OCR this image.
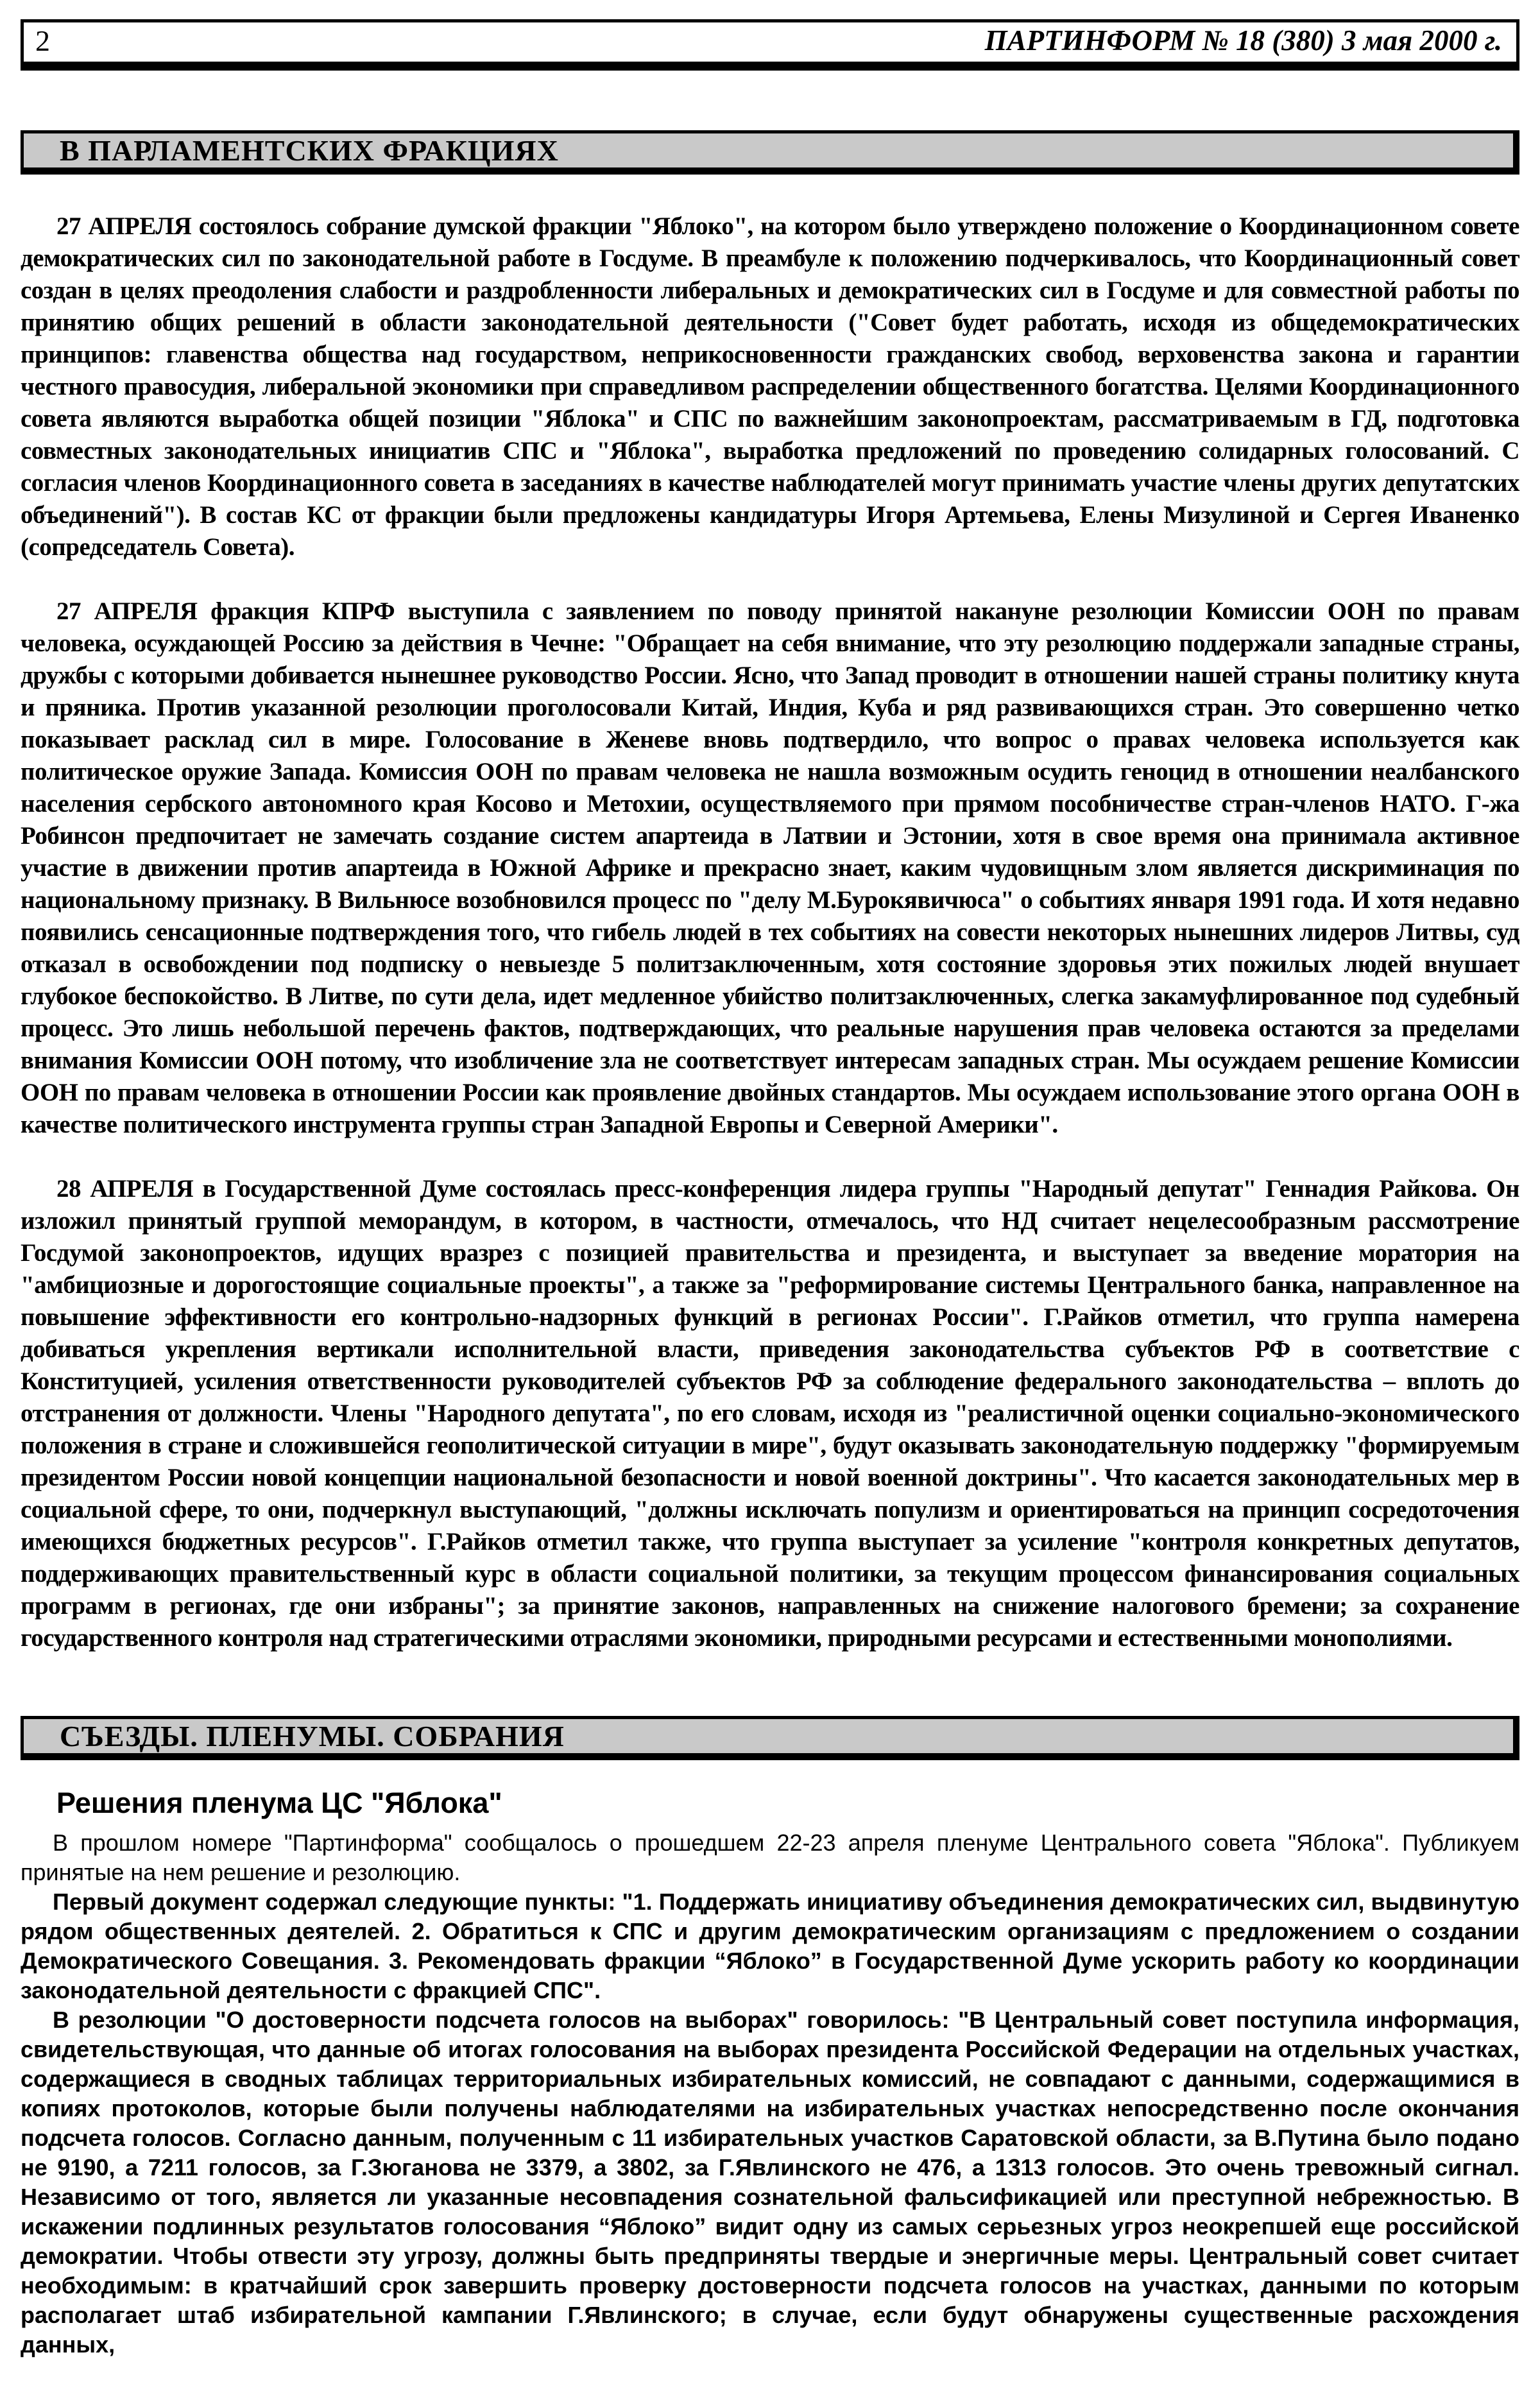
2	ПАРТИНФОРМ № 18 (380) 3 мая 2000 г.
В ПАРЛАМЕНТСКИХ ФРАКЦИЯХ

27 АПРЕЛЯ состоялось собрание думской фракции "Яблоко", на котором было утверждено положение о Координационном совете демократических сил по законодательной работе в Госдуме. В преамбуле к положению подчеркивалось, что Координационный совет создан в целях преодоления слабости и раздробленности либеральных и демократических сил в Госдуме и для совместной работы по принятию общих решений в области законодательной деятельности ("Совет будет работать, исходя из общедемократических принципов: главенства общества над государством, неприкосновенности гражданских свобод, верховенства закона и гарантии честного правосудия, либеральной экономики при справедливом распределении общественного богатства. Целями Координационного совета являются выработка общей позиции "Яблока" и СПС по важнейшим законопроектам, рассматриваемым в ГД, подготовка совместных законодательных инициатив СПС и "Яблока", выработка предложений по проведению солидарных голосований. С согласия членов Координационного совета в заседаниях в качестве наблюдателей могут принимать участие члены других депутатских объединений"). В состав КС от фракции были предложены кандидатуры Игоря Артемьева, Елены Мизулиной и Сергея Иваненко (сопредседатель Совета).

27 АПРЕЛЯ фракция КПРФ выступила с заявлением по поводу принятой накануне резолюции Комиссии ООН по правам человека, осуждающей Россию за действия в Чечне: "Обращает на себя внимание, что эту резолюцию поддержали западные страны, дружбы с которыми добивается нынешнее руководство России. Ясно, что Запад проводит в отношении нашей страны политику кнута и пряника. Против указанной резолюции проголосовали Китай, Индия, Куба и ряд развивающихся стран. Это совершенно четко показывает расклад сил в мире. Голосование в Женеве вновь подтвердило, что вопрос о правах человека используется как политическое оружие Запада. Комиссия ООН по правам человека не нашла возможным осудить геноцид в отношении неалбанского населения сербского автономного края Косово и Метохии, осуществляемого при прямом пособничестве стран-членов НАТО. Г-жа Робинсон предпочитает не замечать создание систем апартеида в Латвии и Эстонии, хотя в свое время она принимала активное участие в движении против апартеида в Южной Африке и прекрасно знает, каким чудовищным злом является дискриминация по национальному признаку. В Вильнюсе возобновился процесс по "делу М.Бурокявичюса" о событиях января 1991 года. И хотя недавно появились сенсационные подтверждения того, что гибель людей в тех событиях на совести некоторых нынешних лидеров Литвы, суд отказал в освобождении под подписку о невыезде 5 политзаключенным, хотя состояние здоровья этих пожилых людей внушает глубокое беспокойство. В Литве, по сути дела, идет медленное убийство политзаключенных, слегка закамуфлированное под судебный процесс. Это лишь небольшой перечень фактов, подтверждающих, что реальные нарушения прав человека остаются за пределами внимания Комиссии ООН потому, что изобличение зла не соответствует интересам западных стран. Мы осуждаем решение Комиссии ООН по правам человека в отношении России как проявление двойных стандартов. Мы осуждаем использование этого органа ООН в качестве политического инструмента группы стран Западной Европы и Северной Америки".

28 АПРЕЛЯ в Государственной Думе состоялась пресс-конференция лидера группы "Народный депутат" Геннадия Райкова. Он изложил принятый группой меморандум, в котором, в частности, отмечалось, что НД считает нецелесообразным рассмотрение Госдумой законопроектов, идущих вразрез с позицией правительства и президента, и выступает за введение моратория на "амбициозные и дорогостоящие социальные проекты", а также за "реформирование системы Центрального банка, направленное на повышение эффективности его контрольно-надзорных функций в регионах России". Г.Райков отметил, что группа намерена добиваться укрепления вертикали исполнительной власти, приведения законодательства субъектов РФ в соответствие с Конституцией, усиления ответственности руководителей субъектов РФ за соблюдение федерального законодательства – вплоть до отстранения от должности. Члены "Народного депутата", по его словам, исходя из "реалистичной оценки социально-экономического положения в стране и сложившейся геополитической ситуации в мире", будут оказывать законодательную поддержку "формируемым президентом России новой концепции национальной безопасности и новой военной доктрины". Что касается законодательных мер в социальной сфере, то они, подчеркнул выступающий, "должны исключать популизм и ориентироваться на принцип сосредоточения имеющихся бюджетных ресурсов". Г.Райков отметил также, что группа выступает за усиление "контроля конкретных депутатов, поддерживающих правительственный курс в области социальной политики, за текущим процессом финансирования социальных программ в регионах, где они избраны"; за принятие законов, направленных на снижение налогового бремени; за сохранение государственного контроля над стратегическими отраслями экономики, природными ресурсами и естественными монополиями.

СЪЕЗДЫ. ПЛЕНУМЫ. СОБРАНИЯ
Решения пленума ЦС "Яблока"

В прошлом номере "Партинформа" сообщалось о прошедшем 22-23 апреля пленуме Центрального совета "Яблока". Публикуем принятые на нем решение и резолюцию.

Первый документ содержал следующие пункты: "1. Поддержать инициативу объединения демократических сил, выдвинутую рядом общественных деятелей. 2. Обратиться к СПС и другим демократическим организациям с предложением о создании Демократического Совещания. 3. Рекомендовать фракции “Яблоко” в Государственной Думе ускорить работу ко координации законодательной деятельности с фракцией СПС".

В резолюции "О достоверности подсчета голосов на выборах" говорилось: "В Центральный совет поступила информация, свидетельствующая, что данные об итогах голосования на выборах президента Российской Федерации на отдельных участках, содержащиеся в сводных таблицах территориальных избирательных комиссий, не совпадают с данными, содержащимися в копиях протоколов, которые были получены наблюдателями на избирательных участках непосредственно после окончания подсчета голосов. Согласно данным, полученным с 11 избирательных участков Саратовской области, за В.Путина было подано не 9190, а 7211 голосов, за Г.Зюганова не 3379, а 3802, за Г.Явлинского не 476, а 1313 голосов. Это очень тревожный сигнал. Независимо от того, является ли указанные несовпадения сознательной фальсификацией или преступной небрежностью. В искажении подлинных результатов голосования “Яблоко” видит одну из самых серьезных угроз неокрепшей еще российской демократии. Чтобы отвести эту угрозу, должны быть предприняты твердые и энергичные меры. Центральный совет считает необходимым: в кратчайший срок завершить проверку достоверности подсчета голосов на участках, данными по которым располагает штаб избирательной кампании Г.Явлинского; в случае, если будут обнаружены существенные расхождения данных,
